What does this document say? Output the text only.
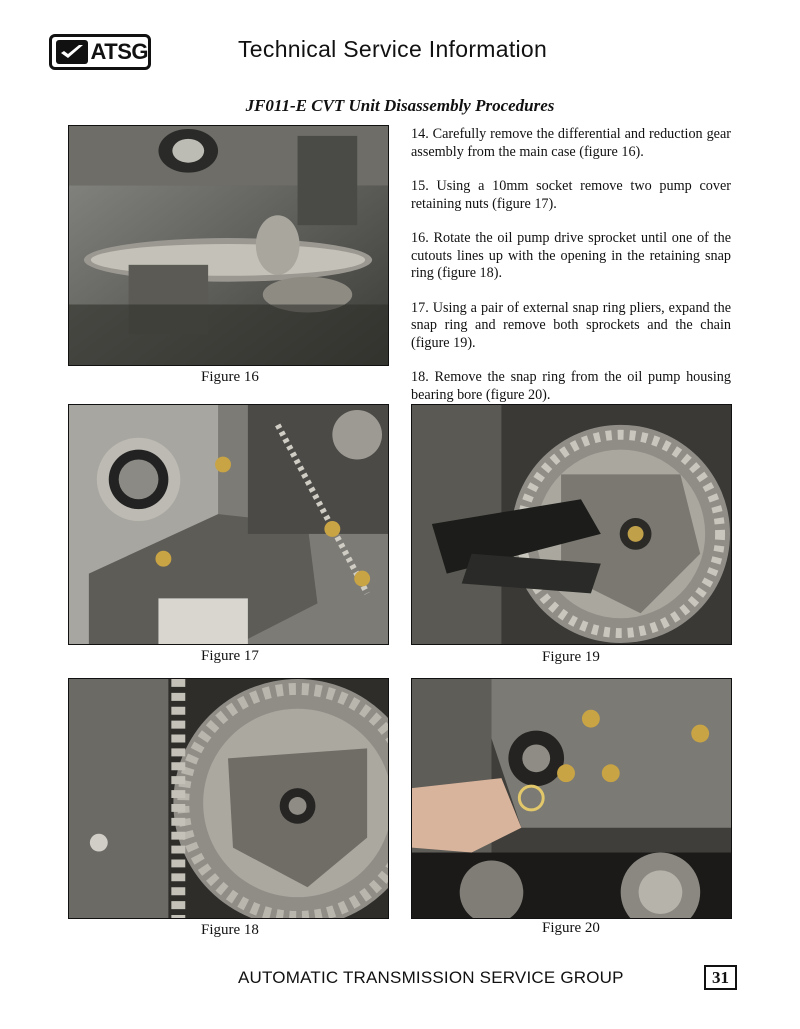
ATSG	Technical Service Information
JF011-E CVT Unit Disassembly Procedures
Figure 16

14. Carefully remove the differential and reduction gear assembly from the main case (figure 16).

15. Using a 10mm socket remove two pump cover retaining nuts (figure 17).

16. Rotate the oil pump drive sprocket until one of the cutouts lines up with the opening in the retaining snap ring (figure 18).

17. Using a pair of external snap ring pliers, expand the snap ring and remove both sprockets and the chain (figure 19).

18. Remove the snap ring from the oil pump housing bearing bore (figure 20).

Figure 17	Figure 19
Figure 18	Figure 20
AUTOMATIC TRANSMISSION SERVICE GROUP	31
